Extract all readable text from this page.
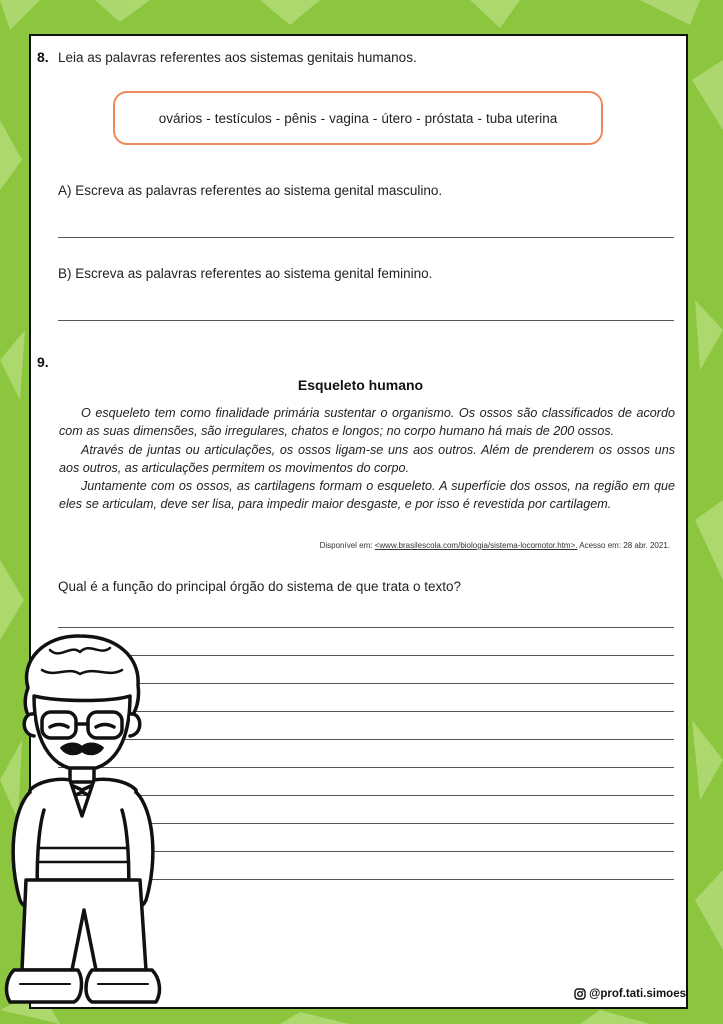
8. Leia as palavras referentes aos sistemas genitais humanos.
ovários - testículos - pênis - vagina - útero - próstata - tuba uterina
A) Escreva as palavras referentes ao sistema genital masculino.
B) Escreva as palavras referentes ao sistema genital feminino.
9.
Esqueleto humano

O esqueleto tem como finalidade primária sustentar o organismo. Os ossos são classificados de acordo com as suas dimensões, são irregulares, chatos e longos; no corpo humano há mais de 200 ossos.

Através de juntas ou articulações, os ossos ligam-se uns aos outros. Além de prenderem os ossos uns aos outros, as articulações permitem os movimentos do corpo.

Juntamente com os ossos, as cartilagens formam o esqueleto. A superfície dos ossos, na região em que eles se articulam, deve ser lisa, para impedir maior desgaste, e por isso é revestida por cartilagem.

Disponível em: <www.brasilescola.com/biologia/sistema-locomotor.htm>. Acesso em: 28 abr. 2021.
Qual é a função do principal órgão do sistema de que trata o texto?
@prof.tati.simoes
